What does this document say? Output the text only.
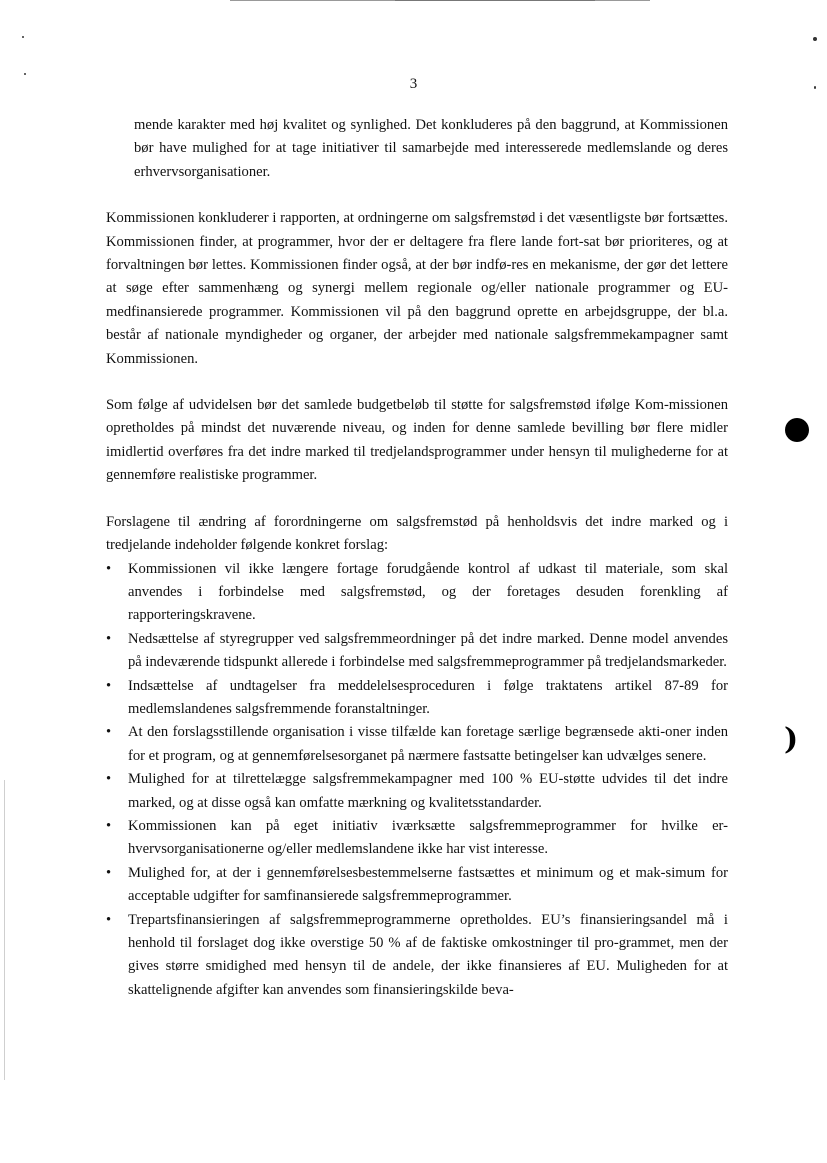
3

mende karakter med høj kvalitet og synlighed. Det konkluderes på den baggrund, at Kommissionen bør have mulighed for at tage initiativer til samarbejde med interesserede medlemslande og deres erhvervsorganisationer.

Kommissionen konkluderer i rapporten, at ordningerne om salgsfremstød i det væsentligste bør fortsættes. Kommissionen finder, at programmer, hvor der er deltagere fra flere lande fort-sat bør prioriteres, og at forvaltningen bør lettes. Kommissionen finder også, at der bør indfø-res en mekanisme, der gør det lettere at søge efter sammenhæng og synergi mellem regionale og/eller nationale programmer og EU-medfinansierede programmer. Kommissionen vil på den baggrund oprette en arbejdsgruppe, der bl.a. består af nationale myndigheder og organer, der arbejder med nationale salgsfremmekampagner samt Kommissionen.

Som følge af udvidelsen bør det samlede budgetbeløb til støtte for salgsfremstød ifølge Kom-missionen opretholdes på mindst det nuværende niveau, og inden for denne samlede bevilling bør flere midler imidlertid overføres fra det indre marked til tredjelandsprogrammer under hensyn til mulighederne for at gennemføre realistiske programmer.

Forslagene til ændring af forordningerne om salgsfremstød på henholdsvis det indre marked og i tredjelande indeholder følgende konkret forslag:

• Kommissionen vil ikke længere fortage forudgående kontrol af udkast til materiale, som skal anvendes i forbindelse med salgsfremstød, og der foretages desuden forenkling af rapporteringskravene.
• Nedsættelse af styregrupper ved salgsfremmeordninger på det indre marked. Denne model anvendes på indeværende tidspunkt allerede i forbindelse med salgsfremmeprogrammer på tredjelandsmarkeder.
• Indsættelse af undtagelser fra meddelelsesproceduren i følge traktatens artikel 87-89 for medlemslandenes salgsfremmende foranstaltninger.
• At den forslagsstillende organisation i visse tilfælde kan foretage særlige begrænsede akti-oner inden for et program, og at gennemførelsesorganet på nærmere fastsatte betingelser kan udvælges senere.
• Mulighed for at tilrettelægge salgsfremmekampagner med 100 % EU-støtte udvides til det indre marked, og at disse også kan omfatte mærkning og kvalitetsstandarder.
• Kommissionen kan på eget initiativ iværksætte salgsfremmeprogrammer for hvilke er-hvervsorganisationerne og/eller medlemslandene ikke har vist interesse.
• Mulighed for, at der i gennemførelsesbestemmelserne fastsættes et minimum og et mak-simum for acceptable udgifter for samfinansierede salgsfremmeprogrammer.
• Trepartsfinansieringen af salgsfremmeprogrammerne opretholdes. EU’s finansieringsandel må i henhold til forslaget dog ikke overstige 50 % af de faktiske omkostninger til pro-grammet, men der gives større smidighed med hensyn til de andele, der ikke finansieres af EU. Muligheden for at skattelignende afgifter kan anvendes som finansieringskilde beva-
)
